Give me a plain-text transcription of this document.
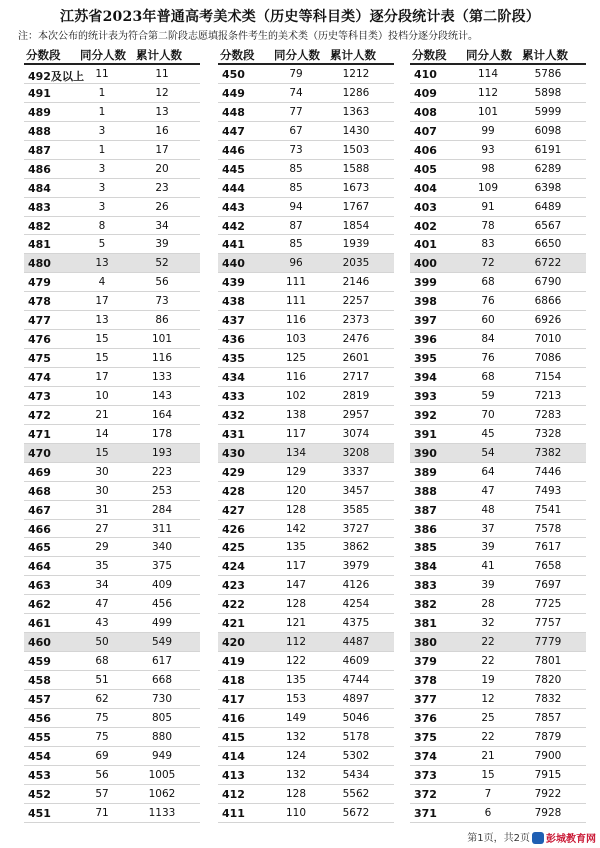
江苏省2023年普通高考美术类（历史等科目类）逐分段统计表（第二阶段）
注：本次公布的统计表为符合第二阶段志愿填报条件考生的美术类（历史等科目类）投档分逐分段统计。
分数段 同分人数 累计人数
492及以上	11	11
491	1	12
489	1	13
488	3	16
487	1	17
486	3	20
484	3	23
483	3	26
482	8	34
481	5	39
480	13	52
479	4	56
478	17	73
477	13	86
476	15	101
475	15	116
474	17	133
473	10	143
472	21	164
471	14	178
470	15	193
469	30	223
468	30	253
467	31	284
466	27	311
465	29	340
464	35	375
463	34	409
462	47	456
461	43	499
460	50	549
459	68	617
458	51	668
457	62	730
456	75	805
455	75	880
454	69	949
453	56	1005
452	57	1062
451	71	1133
分数段 同分人数 累计人数
450	79	1212
449	74	1286
448	77	1363
447	67	1430
446	73	1503
445	85	1588
444	85	1673
443	94	1767
442	87	1854
441	85	1939
440	96	2035
439	111	2146
438	111	2257
437	116	2373
436	103	2476
435	125	2601
434	116	2717
433	102	2819
432	138	2957
431	117	3074
430	134	3208
429	129	3337
428	120	3457
427	128	3585
426	142	3727
425	135	3862
424	117	3979
423	147	4126
422	128	4254
421	121	4375
420	112	4487
419	122	4609
418	135	4744
417	153	4897
416	149	5046
415	132	5178
414	124	5302
413	132	5434
412	128	5562
411	110	5672
分数段 同分人数 累计人数
410	114	5786
409	112	5898
408	101	5999
407	99	6098
406	93	6191
405	98	6289
404	109	6398
403	91	6489
402	78	6567
401	83	6650
400	72	6722
399	68	6790
398	76	6866
397	60	6926
396	84	7010
395	76	7086
394	68	7154
393	59	7213
392	70	7283
391	45	7328
390	54	7382
389	64	7446
388	47	7493
387	48	7541
386	37	7578
385	39	7617
384	41	7658
383	39	7697
382	28	7725
381	32	7757
380	22	7779
379	22	7801
378	19	7820
377	12	7832
376	25	7857
375	22	7879
374	21	7900
373	15	7915
372	7	7922
371	6	7928
第1页，共2页	彭城教育网
